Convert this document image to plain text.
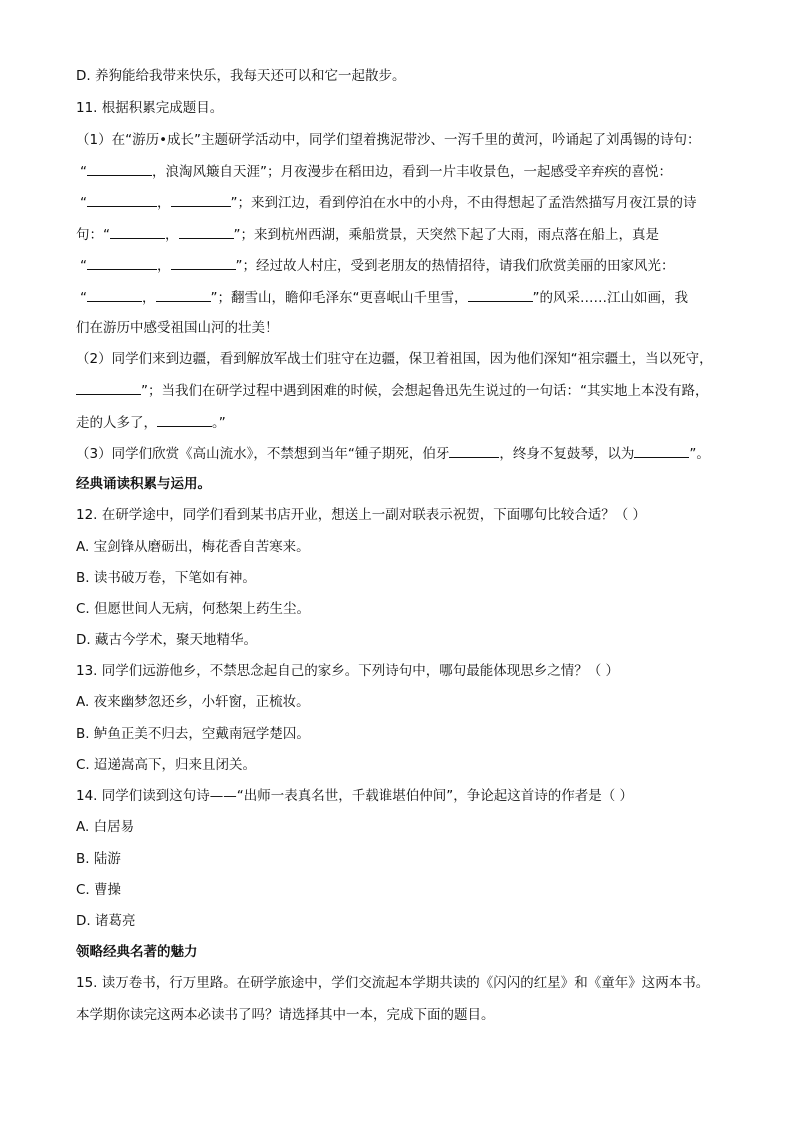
D. 养狗能给我带来快乐，我每天还可以和它一起散步。
11. 根据积累完成题目。
（1）在“游历•成长”主题研学活动中，同学们望着携泥带沙、一泻千里的黄河，吟诵起了刘禹锡的诗句：
“	，浪淘风簸自天涯”；月夜漫步在稻田边，看到一片丰收景色，一起感受辛弃疾的喜悦：
“	，	”；来到江边，看到停泊在水中的小舟，不由得想起了孟浩然描写月夜江景的诗
句：“	，	”；来到杭州西湖，乘船赏景，天突然下起了大雨，雨点落在船上，真是
“	，	”；经过故人村庄，受到老朋友的热情招待，请我们欣赏美丽的田家风光：
“	，	”；翻雪山，瞻仰毛泽东“更喜岷山千里雪，	”的风采……江山如画，我
们在游历中感受祖国山河的壮美！
（2）同学们来到边疆，看到解放军战士们驻守在边疆，保卫着祖国，因为他们深知“祖宗疆土，当以死守，
”；当我们在研学过程中遇到困难的时候，会想起鲁迅先生说过的一句话：“其实地上本没有路，
走的人多了，	。”
（3）同学们欣赏《高山流水》，不禁想到当年“锺子期死，伯牙	，终身不复鼓琴，以为	”。
经典诵读积累与运用。
12. 在研学途中，同学们看到某书店开业，想送上一副对联表示祝贺，下面哪句比较合适？（ ）
A. 宝剑锋从磨砺出，梅花香自苦寒来。
B. 读书破万卷，下笔如有神。
C. 但愿世间人无病，何愁架上药生尘。
D. 藏古今学术，聚天地精华。
13. 同学们远游他乡，不禁思念起自己的家乡。下列诗句中，哪句最能体现思乡之情？（ ）
A. 夜来幽梦忽还乡，小轩窗，正梳妆。
B. 鲈鱼正美不归去，空戴南冠学楚囚。
C. 迢递嵩高下，归来且闭关。
14. 同学们读到这句诗——“出师一表真名世，千载谁堪伯仲间”，争论起这首诗的作者是（ ）
A. 白居易
B. 陆游
C. 曹操
D. 诸葛亮
领略经典名著的魅力
15. 读万卷书，行万里路。在研学旅途中，学们交流起本学期共读的《闪闪的红星》和《童年》这两本书。
本学期你读完这两本必读书了吗？请选择其中一本，完成下面的题目。
